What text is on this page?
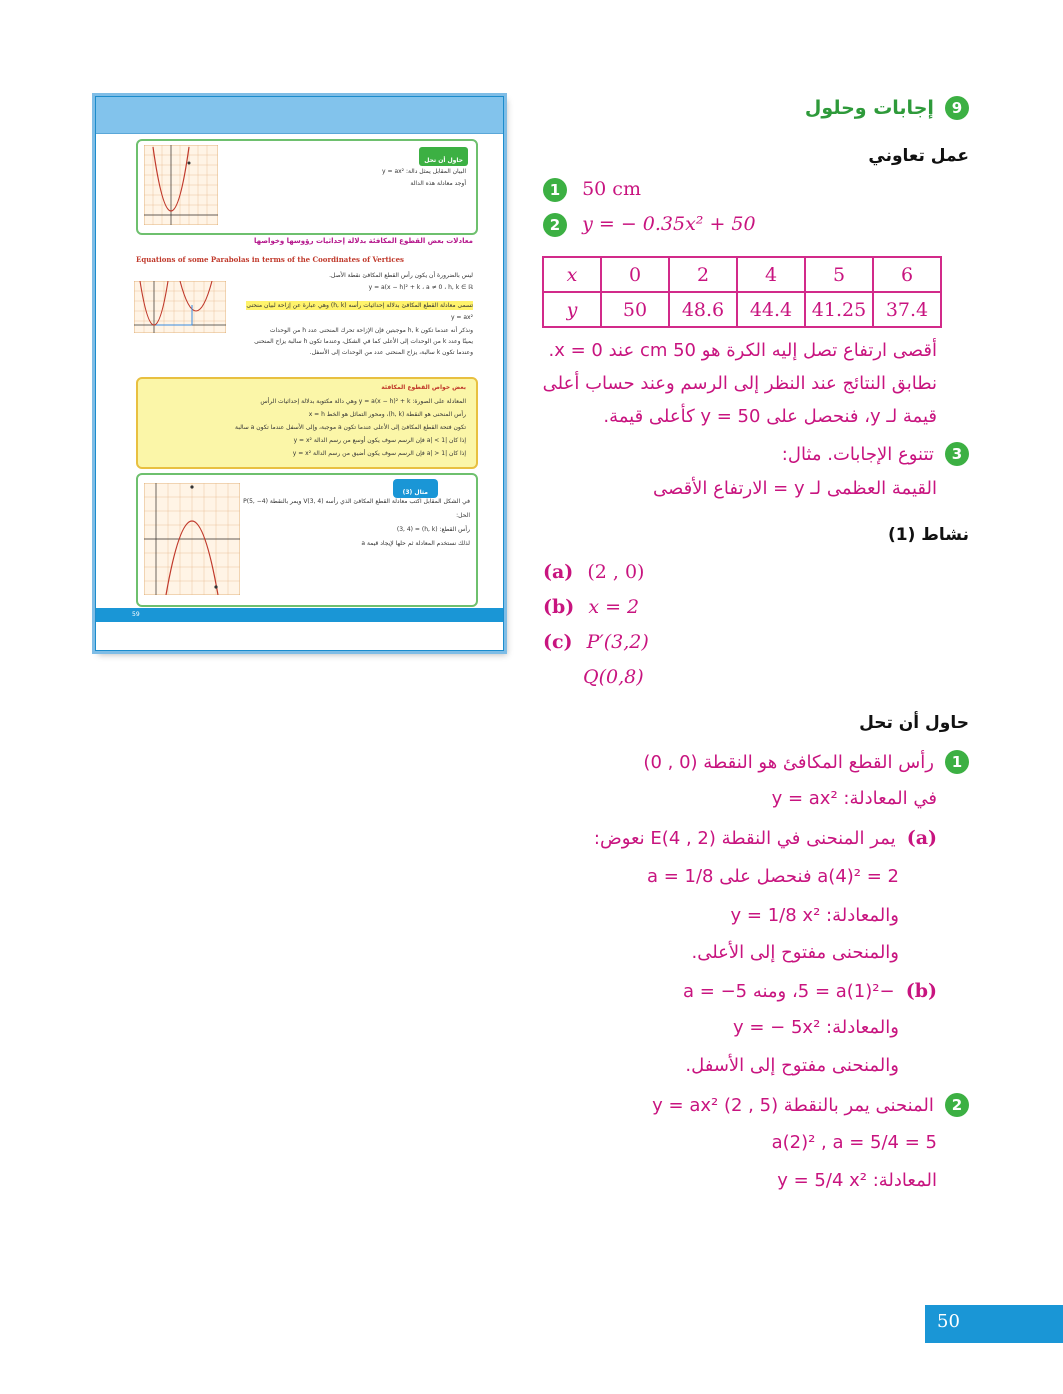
حاول أن تحل
البيان المقابل يمثل دالة: y = ax²
أوجد معادلة هذه الدالة
معادلات بعض القطوع المكافئة بدلالة إحداثيات رؤوسها وخواصها
Equations of some Parabolas in terms of the Coordinates of Vertices
ليس بالضرورة أن يكون رأس القطع المكافئ نقطة الأصل.
y = a(x − h)² + k ، a ≠ 0 ، h, k ∈ ℝ
تسمى معادلة القطع المكافئ بدلالة إحداثيات رأسه (h, k) وهي عبارة عن إزاحة لبيان منحنى
y = ax²
ونذكر أنه عندما تكون h, k موجبتين فإن الإزاحة تحرك المنحنى عدد h من الوحدات
يمينًا وعدد k من الوحدات إلى الأعلى كما في الشكل، وعندما تكون h سالبة يزاح المنحنى
وعندما تكون k سالبة، يزاح المنحنى عدد من الوحدات إلى الأسفل.
بعض خواص القطوع المكافئة
المعادلة على الصورة: y = a(x − h)² + k وهي دالة مكتوبة بدلالة إحداثيات الرأس
رأس المنحنى هو النقطة (h, k)، ومحور التماثل هو الخط x = h
تكون فتحة القطع المكافئ إلى الأعلى عندما تكون a موجبة، وإلى الأسفل عندما تكون a سالبة
إذا كان |a| < 1 فإن الرسم سوف يكون أوسع من رسم الدالة y = x²
إذا كان |a| > 1 فإن الرسم سوف يكون أضيق من رسم الدالة y = x²
مثال (3)
في الشكل المقابل اكتب معادلة القطع المكافئ الذي رأسه V(3, 4) ويمر بالنقطة P(5, −4)
الحل:
رأس القطع: (h, k) = (3, 4)
لذلك نستخدم المعادلة ثم حلها لإيجاد قيمة a
59
9 إجابات وحلول
عمل تعاوني
1 50 cm
2 y = − 0.35x² + 50
x	0	2	4	5	6
y	50	48.6	44.4	41.25	37.4
أقصى ارتفاع تصل إليه الكرة هو 50 cm عند x = 0.
نطابق النتائج عند النظر إلى الرسم وعند حساب أعلى
قيمة لـ y، فنحصل على y = 50 كأعلى قيمة.
3 تتنوع الإجابات. مثال:
القيمة العظمى لـ y = الارتفاع الأقصى
نشاط (1)
(a) (2 , 0)
(b) x = 2
(c) P′(3,2)
Q(0,8)
حاول أن تحل
1 رأس القطع المكافئ هو النقطة (0 , 0)
في المعادلة: y = ax²
(a) يمر المنحنى في النقطة E(4 , 2) نعوض:
2 = a(4)² فنحصل على a = 1/8
والمعادلة: y = 1/8 x²
والمنحنى مفتوح إلى الأعلى.
(b) −5 = a(1)²، ومنه a = −5
والمعادلة: y = − 5x²
والمنحنى مفتوح إلى الأسفل.
2 المنحنى يمر بالنقطة (5 , 2) y = ax²
5 = a(2)² , a = 5/4
المعادلة: y = 5/4 x²
50
